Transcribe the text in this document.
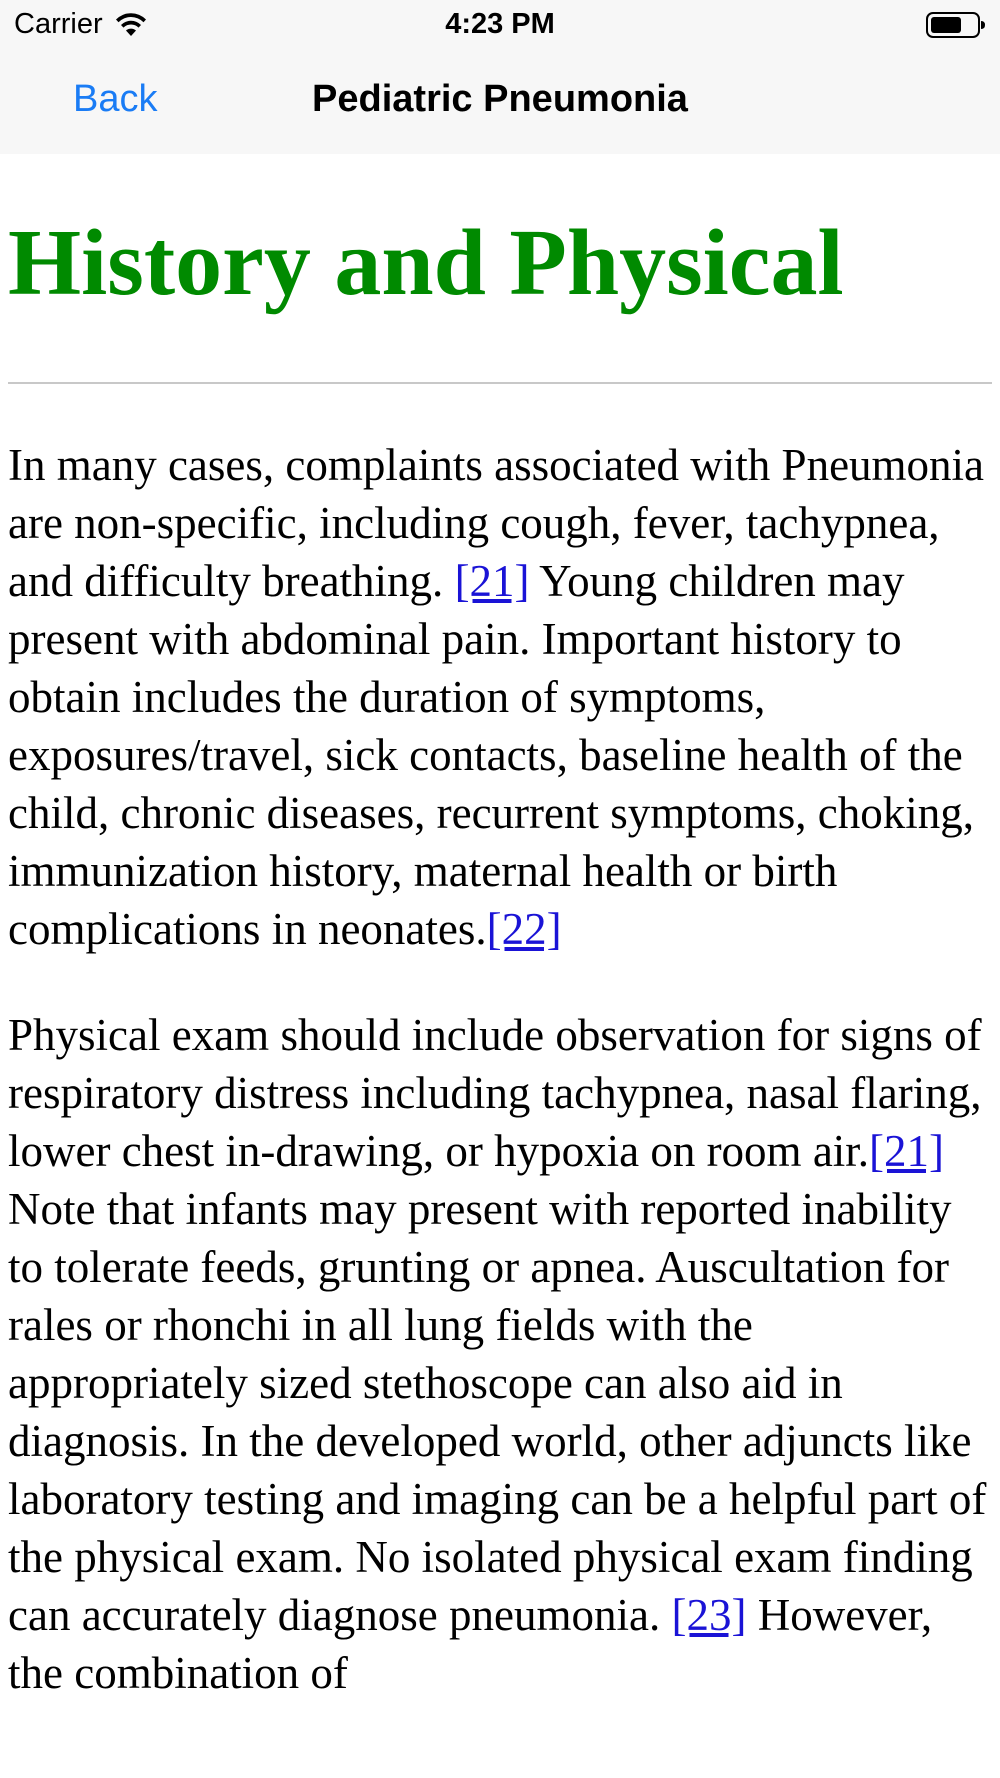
Carrier	4:23 PM
Back	Pediatric Pneumonia
History and Physical

In many cases, complaints associated with Pneumonia are non-specific, including cough, fever, tachypnea, and difficulty breathing. [21] Young children may present with abdominal pain. Important history to obtain includes the duration of symptoms, exposures/travel, sick contacts, baseline health of the child, chronic diseases, recurrent symptoms, choking, immunization history, maternal health or birth complications in neonates.[22]

Physical exam should include observation for signs of respiratory distress including tachypnea, nasal flaring, lower chest in-drawing, or hypoxia on room air.[21] Note that infants may present with reported inability to tolerate feeds, grunting or apnea. Auscultation for rales or rhonchi in all lung fields with the appropriately sized stethoscope can also aid in diagnosis. In the developed world, other adjuncts like laboratory testing and imaging can be a helpful part of the physical exam. No isolated physical exam finding can accurately diagnose pneumonia. [23] However, the combination of
